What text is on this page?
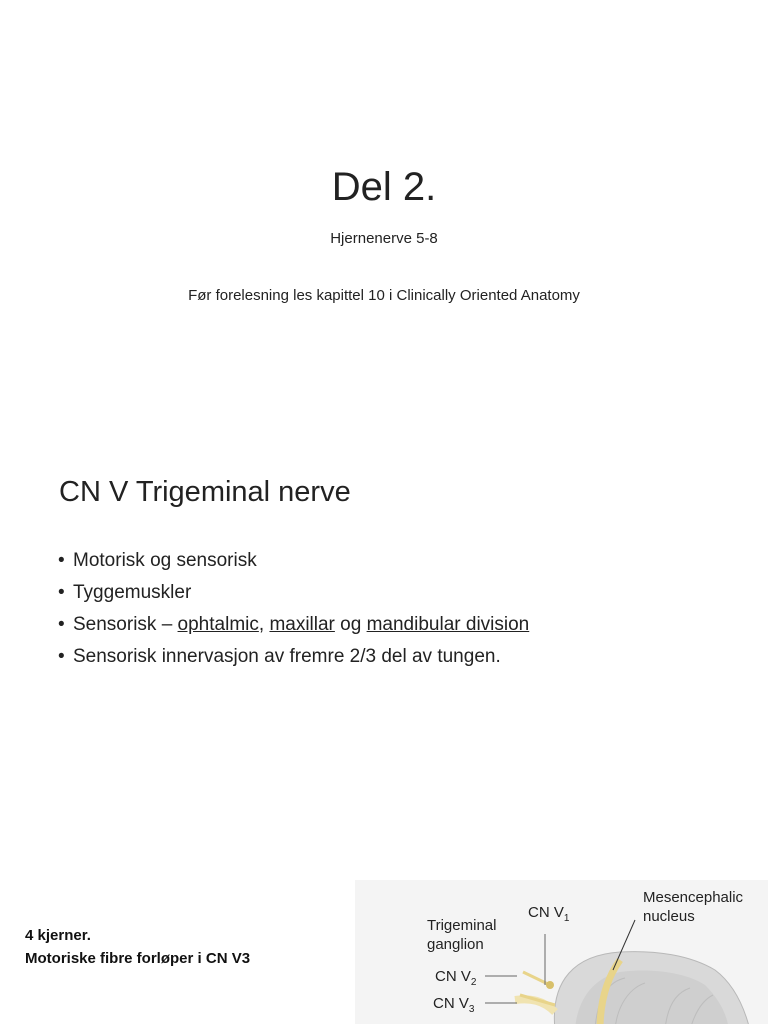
Del 2.
Hjernenerve 5-8
Før forelesning les kapittel 10 i Clinically Oriented Anatomy
CN V Trigeminal nerve
• Motorisk og sensorisk
• Tyggemuskler
• Sensorisk – ophtalmic, maxillar og mandibular division
• Sensorisk innervasjon av fremre 2/3 del av tungen.
4 kjerner.
Motoriske fibre forløper i CN V3
CN $V_1$
Mesencephalic
nucleus
Trigeminal
ganglion
CN $V_2$
CN $V_3$
